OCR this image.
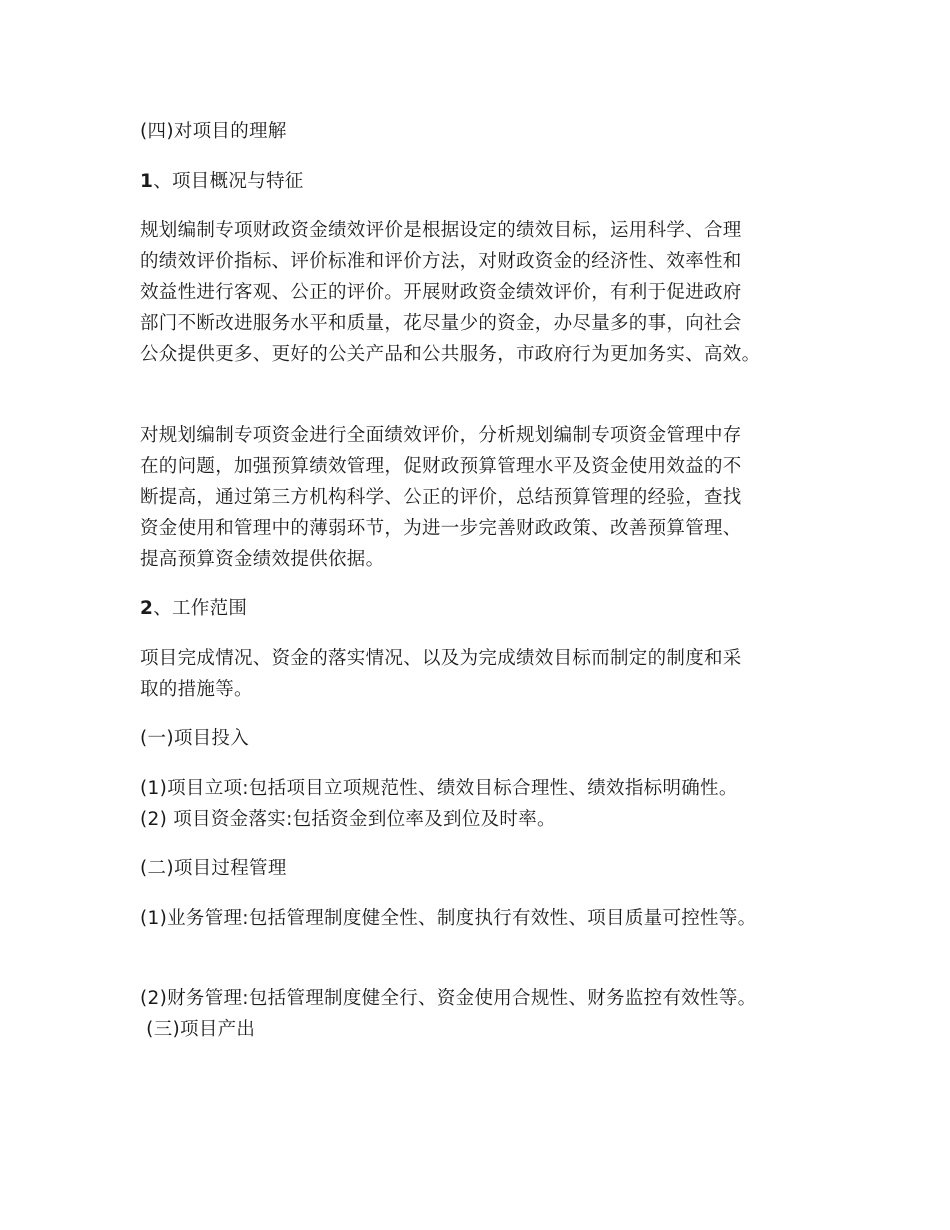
(四)对项目的理解

1、项目概况与特征

规划编制专项财政资金绩效评价是根据设定的绩效目标，运用科学、合理

的绩效评价指标、评价标准和评价方法，对财政资金的经济性、效率性和

效益性进行客观、公正的评价。开展财政资金绩效评价，有利于促进政府

部门不断改进服务水平和质量，花尽量少的资金，办尽量多的事，向社会

公众提供更多、更好的公关产品和公共服务，市政府行为更加务实、高效。

对规划编制专项资金进行全面绩效评价，分析规划编制专项资金管理中存

在的问题，加强预算绩效管理，促财政预算管理水平及资金使用效益的不

断提高，通过第三方机构科学、公正的评价，总结预算管理的经验，查找

资金使用和管理中的薄弱环节，为进一步完善财政政策、改善预算管理、

提高预算资金绩效提供依据。

2、工作范围

项目完成情况、资金的落实情况、以及为完成绩效目标而制定的制度和采

取的措施等。

(一)项目投入

(1)项目立项:包括项目立项规范性、绩效目标合理性、绩效指标明确性。

(2) 项目资金落实:包括资金到位率及到位及时率。

(二)项目过程管理

(1)业务管理:包括管理制度健全性、制度执行有效性、项目质量可控性等。

(2)财务管理:包括管理制度健全行、资金使用合规性、财务监控有效性等。

(三)项目产出
